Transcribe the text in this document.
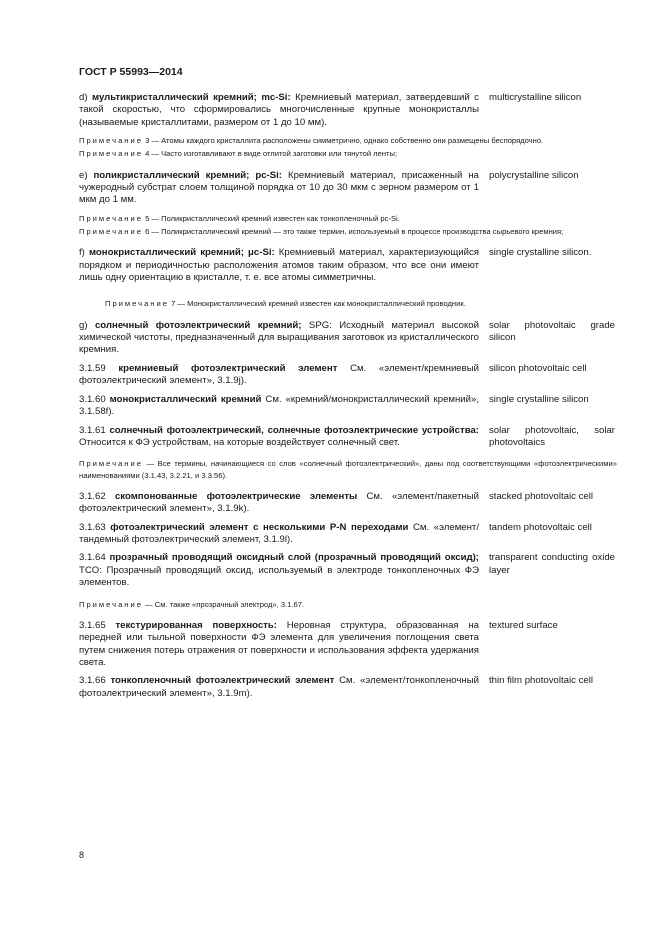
ГОСТ Р 55993—2014
d) мультикристаллический кремний; mc-Si: Кремниевый материал, затвердевший с такой скоростью, что сформировались многочисленные крупные монокристаллы (называемые кристаллитами, размером от 1 до 10 мм).
multicrystalline silicon
Примечание 3 — Атомы каждого кристаллита расположены симметрично, однако собственно они размещены беспорядочно.
Примечание 4 — Часто изготавливают в виде отлитой заготовки или тянутой ленты;
e) поликристаллический кремний; pc-Si: Кремниевый материал, присаженный на чужеродный субстрат слоем толщиной порядка от 10 до 30 мкм с зерном размером от 1 мкм до 1 мм.
polycrystalline silicon
Примечание 5 — Поликристаллический кремний известен как тонкопленочный pc-Si.
Примечание 6 — Поликристаллический кремний — это также термин, используемый в процессе производства сырьевого кремния;
f) монокристаллический кремний; μc-Si: Кремниевый материал, характеризующийся порядком и периодичностью расположения атомов таким образом, что все они имеют лишь одну ориентацию в кристалле, т. е. все атомы симметричны.
single crystalline silicon.
Примечание 7 — Монокристаллический кремний известен как монокристаллический проводник.
g) солнечный фотоэлектрический кремний; SPG: Исходный материал высокой химической чистоты, предназначенный для выращивания заготовок из кристаллического кремния.
solar photovoltaic grade silicon
3.1.59 кремниевый фотоэлектрический элемент См. «элемент/кремниевый фотоэлектрический элемент», 3.1.9j).
silicon photovoltaic cell
3.1.60 монокристаллический кремний См. «кремний/монокристаллический кремний», 3.1.58f).
single crystalline silicon
3.1.61 солнечный фотоэлектрический, солнечные фотоэлектрические устройства: Относится к ФЭ устройствам, на которые воздействует солнечный свет.
solar photovoltaic, solar photovoltaics
Примечание — Все термины, начинающиеся со слов «солнечный фотоэлектрический», даны под соответствующими «фотоэлектрическими» наименованиями (3.1.43, 3.2.21, и 3.3.56).
3.1.62 скомпонованные фотоэлектрические элементы См. «элемент/пакетный фотоэлектрический элемент», 3.1.9k).
stacked photovoltaic cell
3.1.63 фотоэлектрический элемент с несколькими P-N переходами См. «элемент/тандемный фотоэлектрический элемент, 3.1.9l).
tandem photovoltaic cell
3.1.64 прозрачный проводящий оксидный слой (прозрачный проводящий оксид); TCO: Прозрачный проводящий оксид, используемый в электроде тонкопленочных ФЭ элементов.
transparent conducting oxide layer
Примечание — См. также «прозрачный электрод», 3.1.67.
3.1.65 текстурированная поверхность: Неровная структура, образованная на передней или тыльной поверхности ФЭ элемента для увеличения поглощения света путем снижения потерь отражения от поверхности и использования эффекта удержания света.
textured surface
3.1.66 тонкопленочный фотоэлектрический элемент См. «элемент/тонкопленочный фотоэлектрический элемент», 3.1.9m).
thin film photovoltaic cell
8
